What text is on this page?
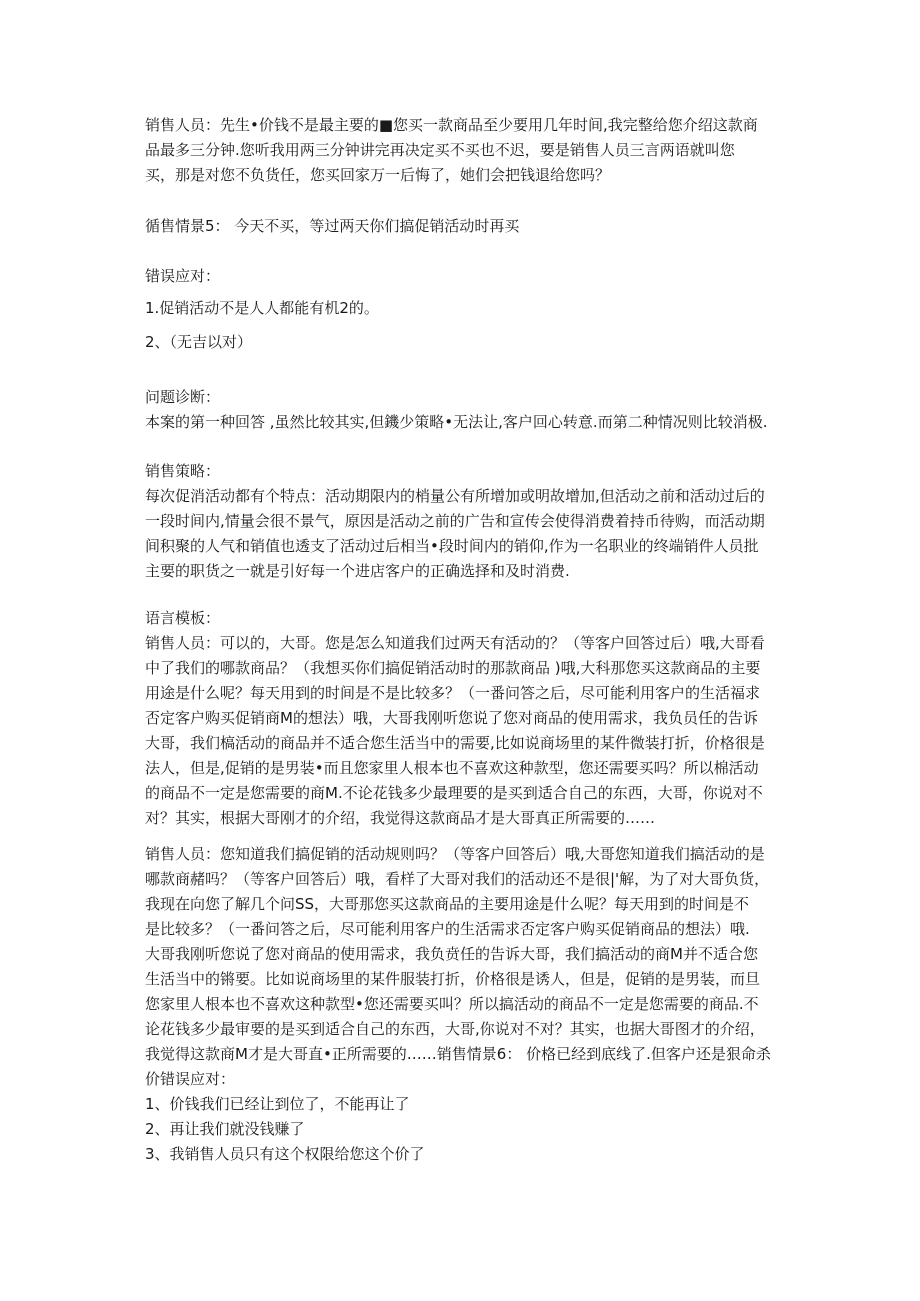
销售人员：先生•价钱不是最主要的■您买一款商品至少要用几年时间,我完整给您介绍这款商
品最多三分钟.您听我用两三分钟讲完再决定买不买也不迟，要是销售人员三言两语就叫您
买，那是对您不负货任，您买回家万一后悔了，她们会把钱退给您吗？

循售情景5： 今天不买，等过两天你们搞促销活动时再买

错误应对：

1.促销活动不是人人都能有机2的。

2、（无吉以对）

问题诊断：
本案的第一种回答 ,虽然比较其实,但鐖少策略•无法让,客户回心转意.而第二种情况则比较消极.

销售策略：
每次促消活动都有个特点：活动期限内的梢量公有所增加或明故增加,但活动之前和活动过后的
一段时间内,情量会很不景气，原因是活动之前的广告和宣传会使得消费着持币待购，而活动期
间积聚的人气和销值也透支了活动过后相当•段时间内的销仰,作为一名职业的终端销件人员批
主要的职货之一就是引好每一个进店客户的正确选择和及时消费.

语言模板：
销售人员：可以的，大哥。您是怎么知道我们过两天有活动的？（等客户回答过后）哦,大哥看
中了我们的哪款商品？（我想买你们搞促销活动时的那款商品 )哦,大科那您买这款商品的主要
用途是什么呢？每天用到的时间是不是比较多？（一番问答之后，尽可能利用客户的生活福求
否定客户购买促销商M的想法）哦，大哥我刚听您说了您对商品的使用需求，我负员任的告诉
大哥，我们槁活动的商品并不适合您生活当中的需要,比如说商场里的某件微装打折，价格很是
法人，但是,促销的是男装•而且您家里人根本也不喜欢这种款型，您还需要买吗？所以棉活动
的商品不一定是您需要的商M.不论花钱多少最理要的是买到适合自己的东西，大哥，你说对不
对？其实，根据大哥刚才的介绍，我觉得这款商品才是大哥真正所需要的……

销售人员：您知道我们搞促销的活动规则吗？（等客户回答后）哦,大哥您知道我们搞活动的是
哪款商赭吗？（等客户回答后）哦，看样了大哥对我们的活动还不是很|'解，为了对大哥负货，
我现在向您了解几个问SS，大哥那您买这款商品的主要用途是什么呢？每天用到的时间是不
是比较多？（一番问答之后，尽可能利用客户的生活需求否定客户购买促销商品的想法）哦.
大哥我刚听您说了您对商品的使用需求，我负贲任的告诉大哥，我们搞活动的商M并不适合您
生活当中的锵要。比如说商场里的某件服装打折，价格很是诱人，但是，促销的是男装，而旦
您家里人根本也不喜欢这种款型•您还需要买叫？所以搞活动的商品不一定是您需要的商品.不
论花钱多少最审要的是买到适合自己的东西，大哥,你说对不对？其实，也据大哥图才的介绍，
我觉得这款商M才是大哥直•正所需要的……销售情景6： 价格已经到底线了.但客户还是狠命杀
价错误应对：
1、价钱我们已经让到位了，不能再让了
2、再让我们就没钱赚了
3、我销售人员只有这个权限给您这个价了
